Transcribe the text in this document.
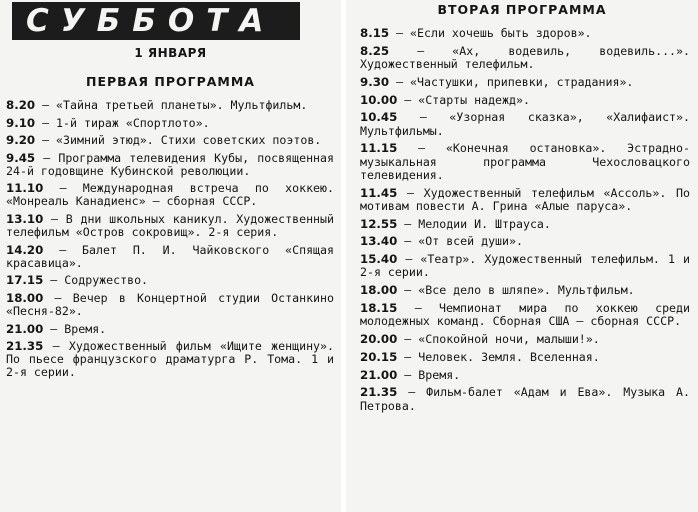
СУББОТА
1 ЯНВАРЯ
ПЕРВАЯ ПРОГРАММА
8.20 — «Тайна третьей планеты». Мультфильм.
9.10 — 1-й тираж «Спортлото».
9.20 — «Зимний этюд». Стихи советских поэтов.
9.45 — Программа телевидения Кубы, посвященная 24-й годовщине Кубинской революции.
11.10 — Международная встреча по хоккею. «Монреаль Канадиенс» — сборная СССР.
13.10 — В дни школьных каникул. Художественный телефильм «Остров сокровищ». 2-я серия.
14.20 — Балет П. И. Чайковского «Спящая красавица».
17.15 — Содружество.
18.00 — Вечер в Концертной студии Останкино «Песня-82».
21.00 — Время.
21.35 — Художественный фильм «Ищите женщину». По пьесе французского драматурга Р. Тома. 1 и 2-я серии.
ВТОРАЯ ПРОГРАММА
8.15 — «Если хочешь быть здоров».
8.25 — «Ах, водевиль, водевиль...». Художественный телефильм.
9.30 — «Частушки, припевки, страдания».
10.00 — «Старты надежд».
10.45 — «Узорная сказка», «Халифаист». Мультфильмы.
11.15 — «Конечная остановка». Эстрадно-музыкальная программа Чехословацкого телевидения.
11.45 — Художественный телефильм «Ассоль». По мотивам повести А. Грина «Алые паруса».
12.55 — Мелодии И. Штрауса.
13.40 — «От всей души».
15.40 — «Театр». Художественный телефильм. 1 и 2-я серии.
18.00 — «Все дело в шляпе». Мультфильм.
18.15 — Чемпионат мира по хоккею среди молодежных команд. Сборная США — сборная СССР.
20.00 — «Спокойной ночи, малыши!».
20.15 — Человек. Земля. Вселенная.
21.00 — Время.
21.35 — Фильм-балет «Адам и Ева». Музыка А. Петрова.
